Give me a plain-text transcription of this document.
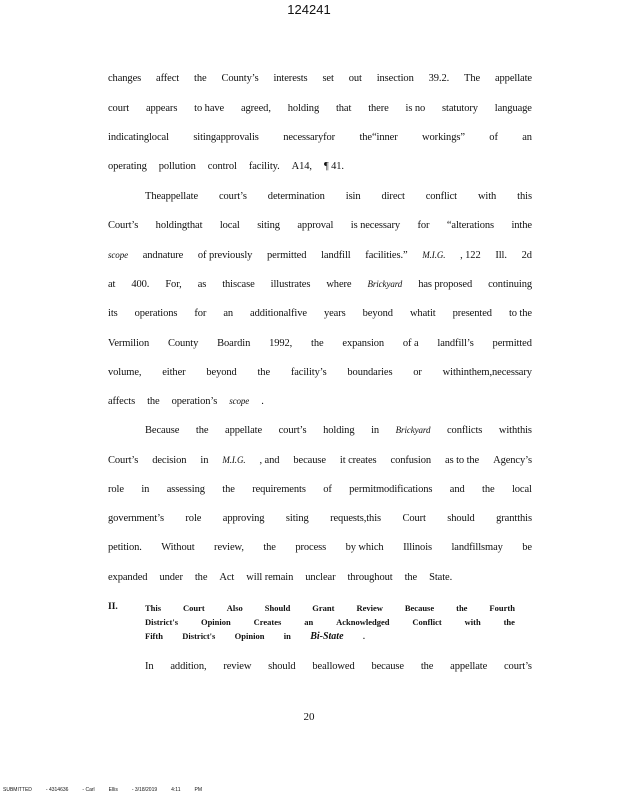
124241
changes affect the County’s interests set out insection 39.2. The appellate
court appears to have agreed, holding that there is no statutory language
indicatinglocal sitingapprovalis necessaryfor the“inner workings” of an
operating pollution control facility. A14, ¶ 41.
Theappellate court’s determination isin direct conflict with this
Court’s holdingthat local siting approval is necessary for “alterations inthe
scope andnature of previously permitted landfill facilities.” M.I.G. , 122 Ill. 2d
at 400. For, as thiscase illustrates where Brickyard has proposed continuing
its operations for an additionalfive years beyond whatit presented to the
Vermilion County Boardin 1992, the expansion of a landfill’s permitted
volume, either beyond the facility’s boundaries or withinthem,necessary
affects the operation’s scope .
Because the appellate court’s holding in Brickyard conflicts withthis
Court’s decision in M.I.G. , and because it creates confusion as to the Agency’s
role in assessing the requirements of permitmodifications and the local
government’s role approving siting requests,this Court should grantthis
petition. Without review, the process by which Illinois landfillsmay be
expanded under the Act will remain unclear throughout the State.
In addition, review should beallowed because the appellate court’s
II.	This	Court	Also	Should	Grant	Review	Because	the	Fourth
District's	Opinion	Creates	an	Acknowledged	Conflict	with	the
Fifth District's Opinion in Bi-State .
20
SUBMITTED	- 4314636	- Carl	Ellis	- 3/18/2019	4:11	PM
